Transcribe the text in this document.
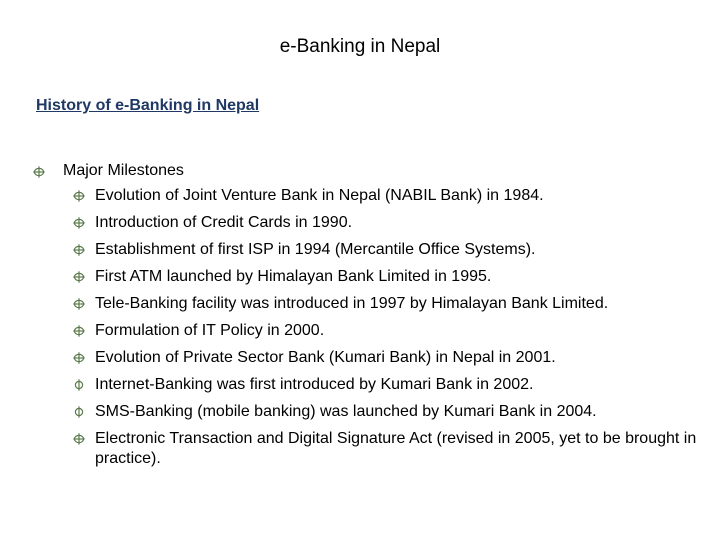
e-Banking in Nepal
History of e-Banking in Nepal
Major Milestones
Evolution of Joint Venture Bank in Nepal (NABIL Bank) in 1984.
Introduction of Credit Cards in 1990.
Establishment of first ISP in 1994 (Mercantile Office Systems).
First ATM launched by Himalayan Bank Limited in 1995.
Tele-Banking facility was introduced in 1997 by Himalayan Bank Limited.
Formulation of IT Policy in 2000.
Evolution of Private Sector Bank (Kumari Bank) in Nepal in 2001.
Internet-Banking was first introduced by Kumari Bank in 2002.
SMS-Banking (mobile banking) was launched by Kumari Bank in 2004.
Electronic Transaction and Digital Signature Act (revised in 2005, yet to be brought in practice).
